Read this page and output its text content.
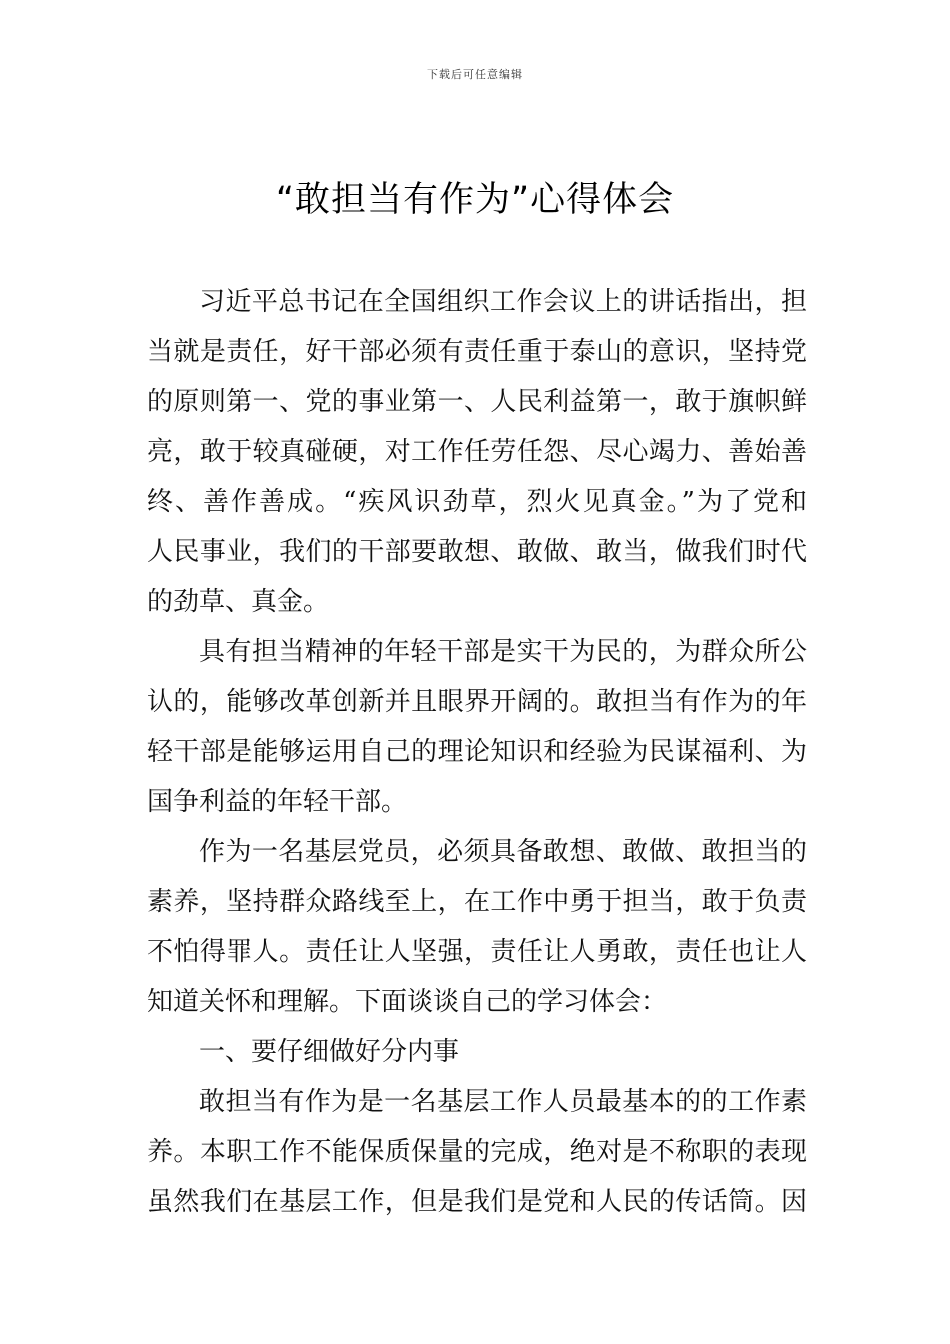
下载后可任意编辑
“敢担当有作为”心得体会
习近平总书记在全国组织工作会议上的讲话指出，担
当就是责任，好干部必须有责任重于泰山的意识，坚持党
的原则第一、党的事业第一、人民利益第一，敢于旗帜鲜
亮，敢于较真碰硬，对工作任劳任怨、尽心竭力、善始善
终、善作善成。“疾风识劲草，烈火见真金。”为了党和
人民事业，我们的干部要敢想、敢做、敢当，做我们时代
的劲草、真金。
具有担当精神的年轻干部是实干为民的，为群众所公
认的，能够改革创新并且眼界开阔的。敢担当有作为的年
轻干部是能够运用自己的理论知识和经验为民谋福利、为
国争利益的年轻干部。
作为一名基层党员，必须具备敢想、敢做、敢担当的
素养，坚持群众路线至上，在工作中勇于担当，敢于负责
不怕得罪人。责任让人坚强，责任让人勇敢，责任也让人
知道关怀和理解。下面谈谈自己的学习体会：
一、要仔细做好分内事
敢担当有作为是一名基层工作人员最基本的的工作素
养。本职工作不能保质保量的完成，绝对是不称职的表现
虽然我们在基层工作，但是我们是党和人民的传话筒。因
